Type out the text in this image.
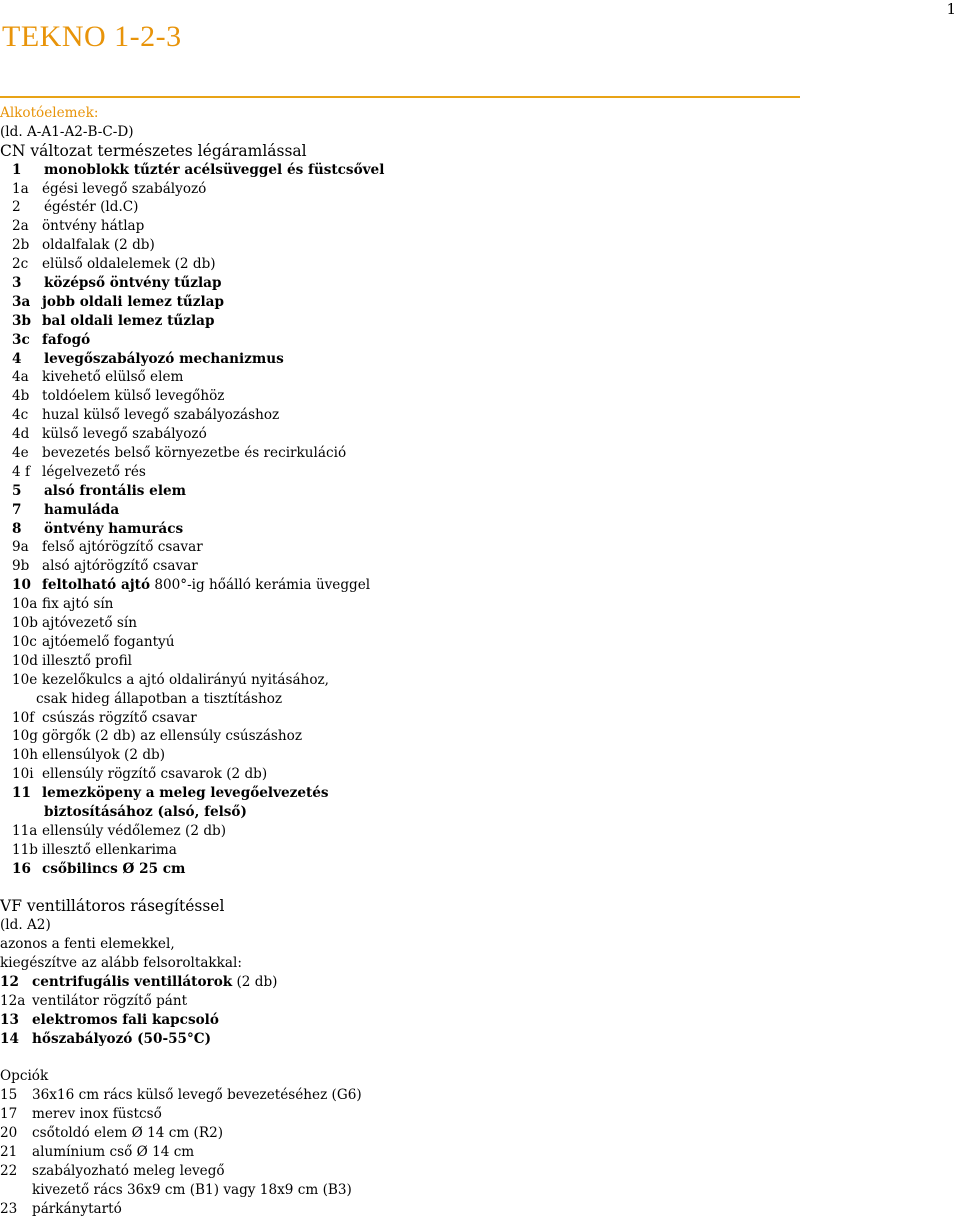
1
TEKNO 1-2-3
Alkotóelemek:
(ld. A-A1-A2-B-C-D)
CN változat természetes légáramlással
1 monoblokk tűztér acélsüveggel és füstcsővel
1a égési levegő szabályozó
2 égéstér (ld.C)
2a öntvény hátlap
2b oldalfalak (2 db)
2c elülső oldalelemek (2 db)
3 középső öntvény tűzlap
3a jobb oldali lemez tűzlap
3b bal oldali lemez tűzlap
3c fafogó
4 levegőszabályozó mechanizmus
4a kivehető elülső elem
4b toldóelem külső levegőhöz
4c huzal külső levegő szabályozáshoz
4d külső levegő szabályozó
4e bevezetés belső környezetbe és recirkuláció
4 f légelvezető rés
5 alsó frontális elem
7 hamuláda
8 öntvény hamurács
9a felső ajtórögzítő csavar
9b alsó ajtórögzítő csavar
10 feltolható ajtó 800°-ig hőálló kerámia üveggel
10a fix ajtó sín
10b ajtóvezető sín
10c ajtóemelő fogantyú
10d illesztő profil
10e kezelőkulcs a ajtó oldalirányú nyitásához,
csak hideg állapotban a tisztításhoz
10f csúszás rögzítő csavar
10g görgők (2 db) az ellensúly csúszáshoz
10h ellensúlyok (2 db)
10i ellensúly rögzítő csavarok (2 db)
11 lemezköpeny a meleg levegőelvezetés
biztosításához (alsó, felső)
11a ellensúly védőlemez (2 db)
11b illesztő ellenkarima
16 csőbilincs Ø 25 cm
VF ventillátoros rásegítéssel
(ld. A2)
azonos a fenti elemekkel,
kiegészítve az alább felsoroltakkal:
12 centrifugális ventillátorok (2 db)
12a ventilátor rögzítő pánt
13 elektromos fali kapcsoló
14 hőszabályozó (50-55°C)
Opciók
15 36x16 cm rács külső levegő bevezetéséhez (G6)
17 merev inox füstcső
20 csőtoldó elem Ø 14 cm (R2)
21 alumínium cső Ø 14 cm
22 szabályozható meleg levegő
kivezető rács 36x9 cm (B1) vagy 18x9 cm (B3)
23 párkánytartó
